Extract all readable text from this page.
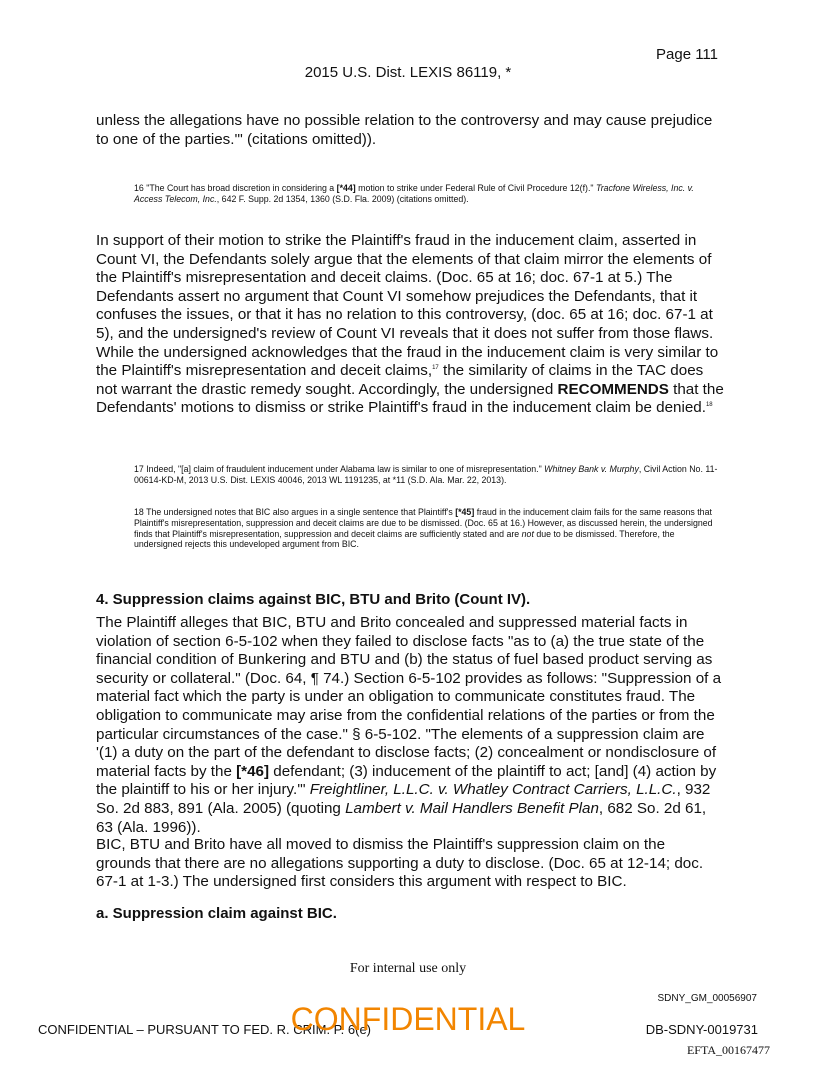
Page 111
2015 U.S. Dist. LEXIS 86119, *
unless the allegations have no possible relation to the controversy and may cause prejudice to one of the parties.'" (citations omitted)).
16 "The Court has broad discretion in considering a [*44] motion to strike under Federal Rule of Civil Procedure 12(f)." Tracfone Wireless, Inc. v. Access Telecom, Inc., 642 F. Supp. 2d 1354, 1360 (S.D. Fla. 2009) (citations omitted).
In support of their motion to strike the Plaintiff's fraud in the inducement claim, asserted in Count VI, the Defendants solely argue that the elements of that claim mirror the elements of the Plaintiff's misrepresentation and deceit claims. (Doc. 65 at 16; doc. 67-1 at 5.) The Defendants assert no argument that Count VI somehow prejudices the Defendants, that it confuses the issues, or that it has no relation to this controversy, (doc. 65 at 16; doc. 67-1 at 5), and the undersigned's review of Count VI reveals that it does not suffer from those flaws. While the undersigned acknowledges that the fraud in the inducement claim is very similar to the Plaintiff's misrepresentation and deceit claims,$^{17}$ the similarity of claims in the TAC does not warrant the drastic remedy sought. Accordingly, the undersigned RECOMMENDS that the Defendants' motions to dismiss or strike Plaintiff's fraud in the inducement claim be denied.$^{18}$
17 Indeed, "[a] claim of fraudulent inducement under Alabama law is similar to one of misrepresentation." Whitney Bank v. Murphy, Civil Action No. 11-00614-KD-M, 2013 U.S. Dist. LEXIS 40046, 2013 WL 1191235, at *11 (S.D. Ala. Mar. 22, 2013).
18 The undersigned notes that BIC also argues in a single sentence that Plaintiff's [*45] fraud in the inducement claim fails for the same reasons that Plaintiff's misrepresentation, suppression and deceit claims are due to be dismissed. (Doc. 65 at 16.) However, as discussed herein, the undersigned finds that Plaintiff's misrepresentation, suppression and deceit claims are sufficiently stated and are not due to be dismissed. Therefore, the undersigned rejects this undeveloped argument from BIC.
4. Suppression claims against BIC, BTU and Brito (Count IV).
The Plaintiff alleges that BIC, BTU and Brito concealed and suppressed material facts in violation of section 6-5-102 when they failed to disclose facts "as to (a) the true state of the financial condition of Bunkering and BTU and (b) the status of fuel based product serving as security or collateral." (Doc. 64, ¶ 74.) Section 6-5-102 provides as follows: "Suppression of a material fact which the party is under an obligation to communicate constitutes fraud. The obligation to communicate may arise from the confidential relations of the parties or from the particular circumstances of the case." § 6-5-102. "The elements of a suppression claim are '(1) a duty on the part of the defendant to disclose facts; (2) concealment or nondisclosure of material facts by the [*46] defendant; (3) inducement of the plaintiff to act; [and] (4) action by the plaintiff to his or her injury.'" Freightliner, L.L.C. v. Whatley Contract Carriers, L.L.C., 932 So. 2d 883, 891 (Ala. 2005) (quoting Lambert v. Mail Handlers Benefit Plan, 682 So. 2d 61, 63 (Ala. 1996)).
BIC, BTU and Brito have all moved to dismiss the Plaintiff's suppression claim on the grounds that there are no allegations supporting a duty to disclose. (Doc. 65 at 12-14; doc. 67-1 at 1-3.) The undersigned first considers this argument with respect to BIC.
a. Suppression claim against BIC.
For internal use only
SDNY_GM_00056907
CONFIDENTIAL – PURSUANT TO FED. R. CRIM. P. 6(e)
CONFIDENTIAL	DB-SDNY-0019731
EFTA_00167477
